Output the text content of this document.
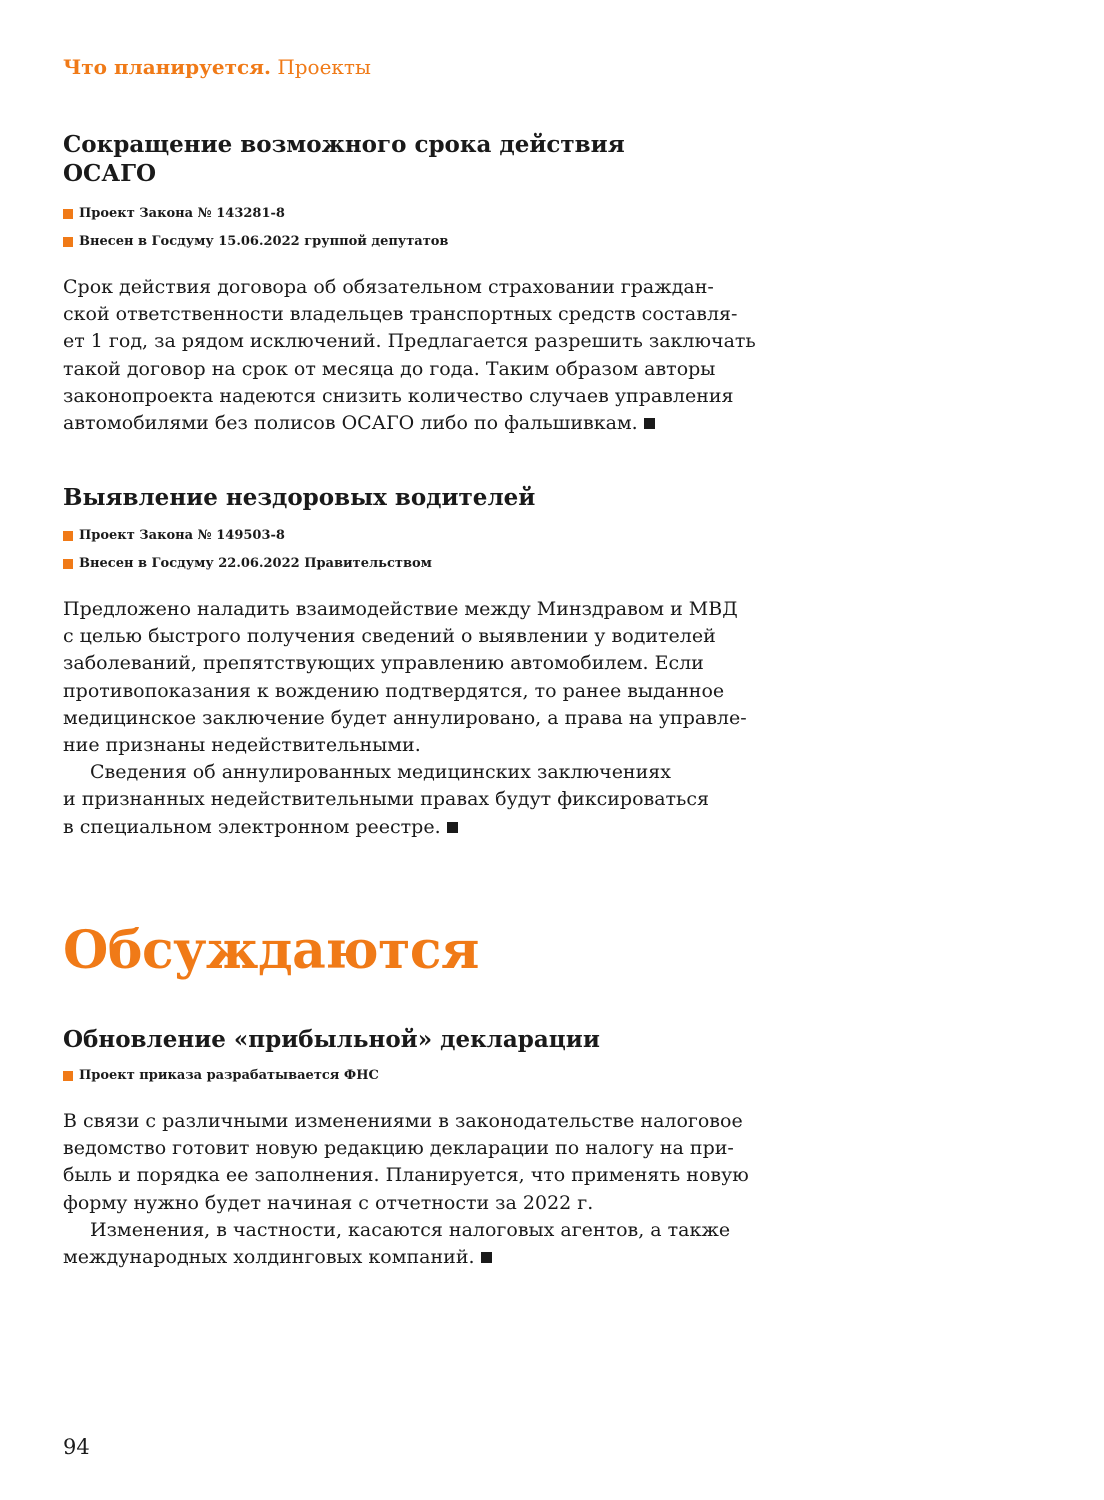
Что планируется. Проекты
Сокращение возможного срока действия ОСАГО
Проект Закона № 143281-8
Внесен в Госдуму 15.06.2022 группой депутатов

Срок действия договора об обязательном страховании граждан-
ской ответственности владельцев транспортных средств составля-
ет 1 год, за рядом исключений. Предлагается разрешить заключать
такой договор на срок от месяца до года. Таким образом авторы
законопроекта надеются снизить количество случаев управления
автомобилями без полисов ОСАГО либо по фальшивкам.

Выявление нездоровых водителей
Проект Закона № 149503-8
Внесен в Госдуму 22.06.2022 Правительством

Предложено наладить взаимодействие между Минздравом и МВД
с целью быстрого получения сведений о выявлении у водителей
заболеваний, препятствующих управлению автомобилем. Если
противопоказания к вождению подтвердятся, то ранее выданное
медицинское заключение будет аннулировано, а права на управле-
ние признаны недействительными.

Сведения об аннулированных медицинских заключениях
и признанных недействительными правах будут фиксироваться
в специальном электронном реестре.

Обсуждаются
Обновление «прибыльной» декларации
Проект приказа разрабатывается ФНС

В связи с различными изменениями в законодательстве налоговое
ведомство готовит новую редакцию декларации по налогу на при-
быль и порядка ее заполнения. Планируется, что применять новую
форму нужно будет начиная с отчетности за 2022 г.

Изменения, в частности, касаются налоговых агентов, а также
международных холдинговых компаний.

94
